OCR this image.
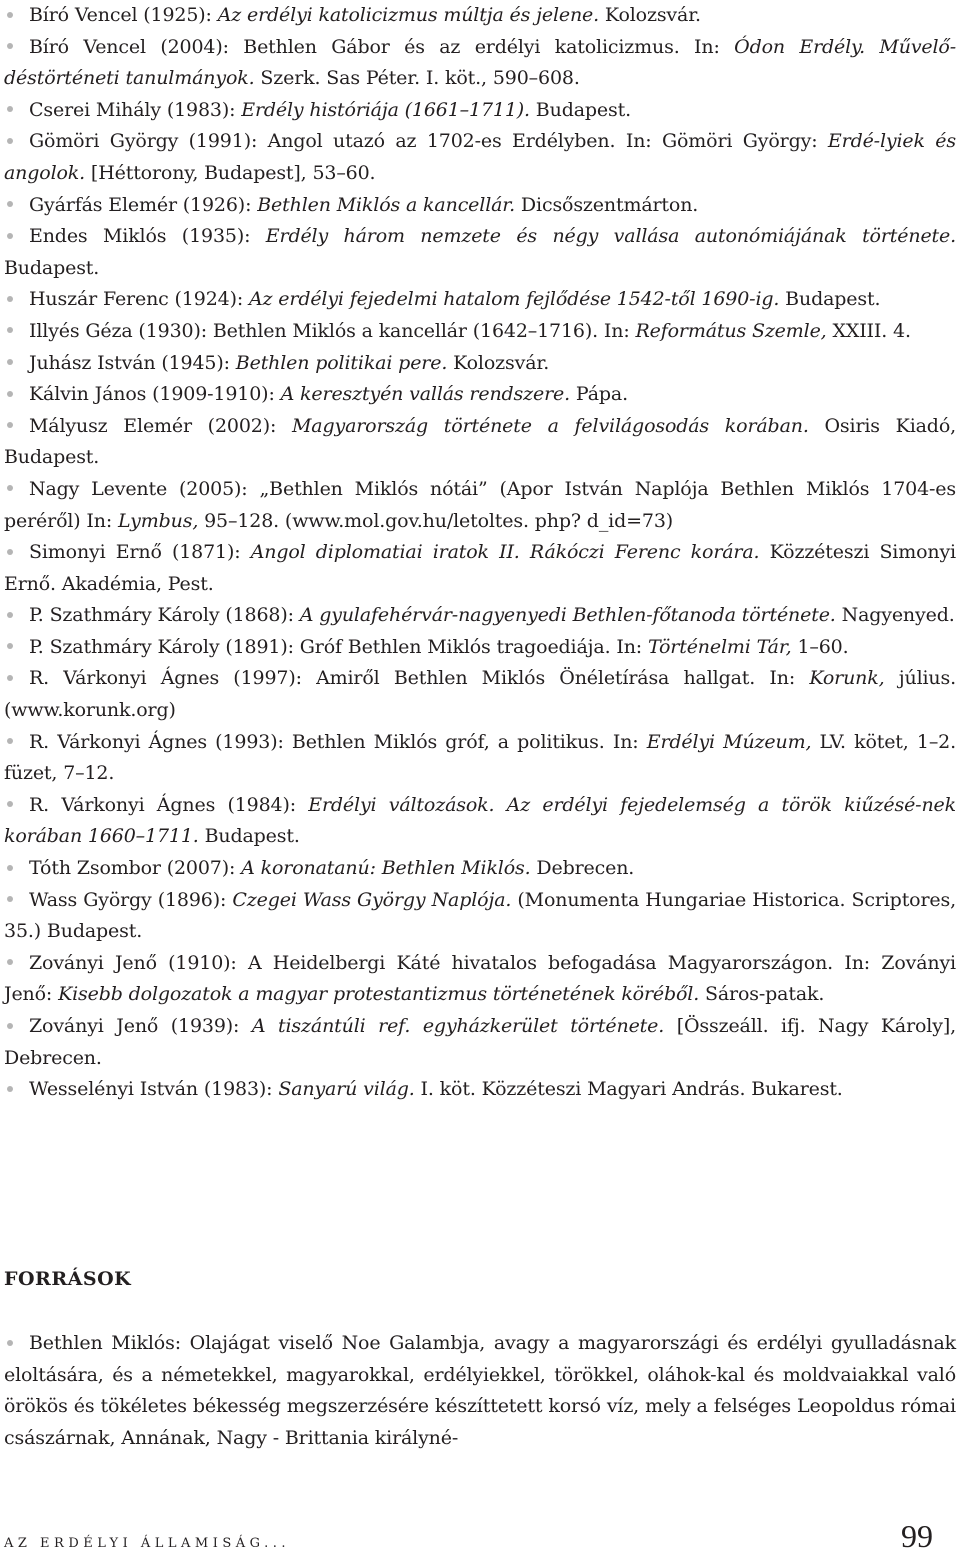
Bíró Vencel (1925): Az erdélyi katolicizmus múltja és jelene. Kolozsvár.

Bíró Vencel (2004): Bethlen Gábor és az erdélyi katolicizmus. In: Ódon Erdély. Művelő-déstörténeti tanulmányok. Szerk. Sas Péter. I. köt., 590–608.

Cserei Mihály (1983): Erdély históriája (1661–1711). Budapest.

Gömöri György (1991): Angol utazó az 1702-es Erdélyben. In: Gömöri György: Erdé-lyiek és angolok. [Héttorony, Budapest], 53–60.

Gyárfás Elemér (1926): Bethlen Miklós a kancellár. Dicsőszentmárton.

Endes Miklós (1935): Erdély három nemzete és négy vallása autonómiájának története. Budapest.

Huszár Ferenc (1924): Az erdélyi fejedelmi hatalom fejlődése 1542-től 1690-ig. Budapest.

Illyés Géza (1930): Bethlen Miklós a kancellár (1642–1716). In: Református Szemle, XXIII. 4.

Juhász István (1945): Bethlen politikai pere. Kolozsvár.

Kálvin János (1909-1910): A keresztyén vallás rendszere. Pápa.

Mályusz Elemér (2002): Magyarország története a felvilágosodás korában. Osiris Kiadó, Budapest.

Nagy Levente (2005): „Bethlen Miklós nótái” (Apor István Naplója Bethlen Miklós 1704-es peréről) In: Lymbus, 95–128. (www.mol.gov.hu/letoltes. php? d_id=73)

Simonyi Ernő (1871): Angol diplomatiai iratok II. Rákóczi Ferenc korára. Közzéteszi Simonyi Ernő. Akadémia, Pest.

P. Szathmáry Károly (1868): A gyulafehérvár-nagyenyedi Bethlen-főtanoda története. Nagyenyed.

P. Szathmáry Károly (1891): Gróf Bethlen Miklós tragoediája. In: Történelmi Tár, 1–60.

R. Várkonyi Ágnes (1997): Amiről Bethlen Miklós Önéletírása hallgat. In: Korunk, július. (www.korunk.org)

R. Várkonyi Ágnes (1993): Bethlen Miklós gróf, a politikus. In: Erdélyi Múzeum, LV. kötet, 1–2. füzet, 7–12.

R. Várkonyi Ágnes (1984): Erdélyi változások. Az erdélyi fejedelemség a török kiűzésé-nek korában 1660–1711. Budapest.

Tóth Zsombor (2007): A koronatanú: Bethlen Miklós. Debrecen.

Wass György (1896): Czegei Wass György Naplója. (Monumenta Hungariae Historica. Scriptores, 35.) Budapest.

Zoványi Jenő (1910): A Heidelbergi Káté hivatalos befogadása Magyarországon. In: Zoványi Jenő: Kisebb dolgozatok a magyar protestantizmus történetének köréből. Sáros-patak.

Zoványi Jenő (1939): A tiszántúli ref. egyházkerület története. [Összeáll. ifj. Nagy Károly], Debrecen.

Wesselényi István (1983): Sanyarú világ. I. köt. Közzéteszi Magyari András. Bukarest.

FORRÁSOK

Bethlen Miklós: Olajágat viselő Noe Galambja, avagy a magyarországi és erdélyi gyulladásnak eloltására, és a németekkel, magyarokkal, erdélyiekkel, törökkel, oláhok-kal és moldvaiakkal való örökös és tökéletes békesség megszerzésére készíttetett korsó víz, mely a felséges Leopoldus római császárnak, Annának, Nagy - Brittania királyné-

AZ ERDÉLYI ÁLLAMISÁG...	99
